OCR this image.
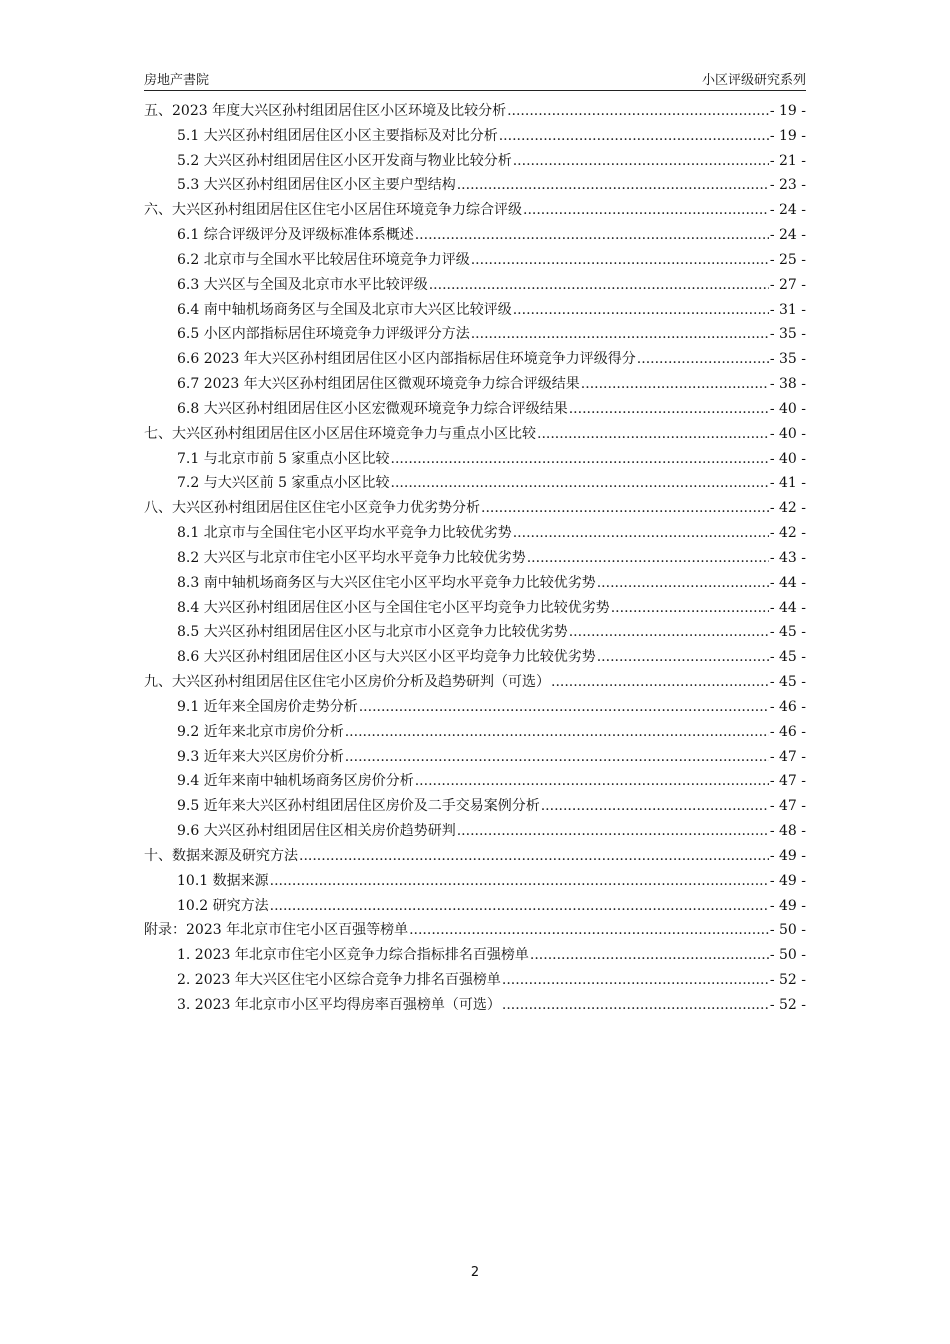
房地产書院	小区评级研究系列
五、2023 年度大兴区孙村组团居住区小区环境及比较分析 .....	- 19 -
5.1 大兴区孙村组团居住区小区主要指标及对比分析 .....	- 19 -
5.2 大兴区孙村组团居住区小区开发商与物业比较分析 .....	- 21 -
5.3 大兴区孙村组团居住区小区主要户型结构 .....	- 23 -
六、大兴区孙村组团居住区住宅小区居住环境竞争力综合评级 .....	- 24 -
6.1 综合评级评分及评级标准体系概述 .....	- 24 -
6.2 北京市与全国水平比较居住环境竞争力评级 .....	- 25 -
6.3 大兴区与全国及北京市水平比较评级 .....	- 27 -
6.4 南中轴机场商务区与全国及北京市大兴区比较评级 .....	- 31 -
6.5 小区内部指标居住环境竞争力评级评分方法 .....	- 35 -
6.6 2023 年大兴区孙村组团居住区小区内部指标居住环境竞争力评级得分 .....	- 35 -
6.7 2023 年大兴区孙村组团居住区微观环境竞争力综合评级结果 .....	- 38 -
6.8 大兴区孙村组团居住区小区宏微观环境竞争力综合评级结果 .....	- 40 -
七、大兴区孙村组团居住区小区居住环境竞争力与重点小区比较 .....	- 40 -
7.1 与北京市前 5 家重点小区比较 .....	- 40 -
7.2 与大兴区前 5 家重点小区比较 .....	- 41 -
八、大兴区孙村组团居住区住宅小区竞争力优劣势分析 .....	- 42 -
8.1 北京市与全国住宅小区平均水平竞争力比较优劣势 .....	- 42 -
8.2 大兴区与北京市住宅小区平均水平竞争力比较优劣势 .....	- 43 -
8.3 南中轴机场商务区与大兴区住宅小区平均水平竞争力比较优劣势 .....	- 44 -
8.4 大兴区孙村组团居住区小区与全国住宅小区平均竞争力比较优劣势 .....	- 44 -
8.5 大兴区孙村组团居住区小区与北京市小区竞争力比较优劣势 .....	- 45 -
8.6 大兴区孙村组团居住区小区与大兴区小区平均竞争力比较优劣势 .....	- 45 -
九、大兴区孙村组团居住区住宅小区房价分析及趋势研判（可选） .....	- 45 -
9.1 近年来全国房价走势分析 .....	- 46 -
9.2 近年来北京市房价分析 .....	- 46 -
9.3 近年来大兴区房价分析 .....	- 47 -
9.4 近年来南中轴机场商务区房价分析 .....	- 47 -
9.5 近年来大兴区孙村组团居住区房价及二手交易案例分析 .....	- 47 -
9.6 大兴区孙村组团居住区相关房价趋势研判 .....	- 48 -
十、数据来源及研究方法 .....	- 49 -
10.1 数据来源 .....	- 49 -
10.2 研究方法 .....	- 49 -
附录：2023 年北京市住宅小区百强等榜单 .....	- 50 -
1. 2023 年北京市住宅小区竞争力综合指标排名百强榜单 .....	- 50 -
2. 2023 年大兴区住宅小区综合竞争力排名百强榜单 .....	- 52 -
3. 2023 年北京市小区平均得房率百强榜单（可选） .....	- 52 -
2
